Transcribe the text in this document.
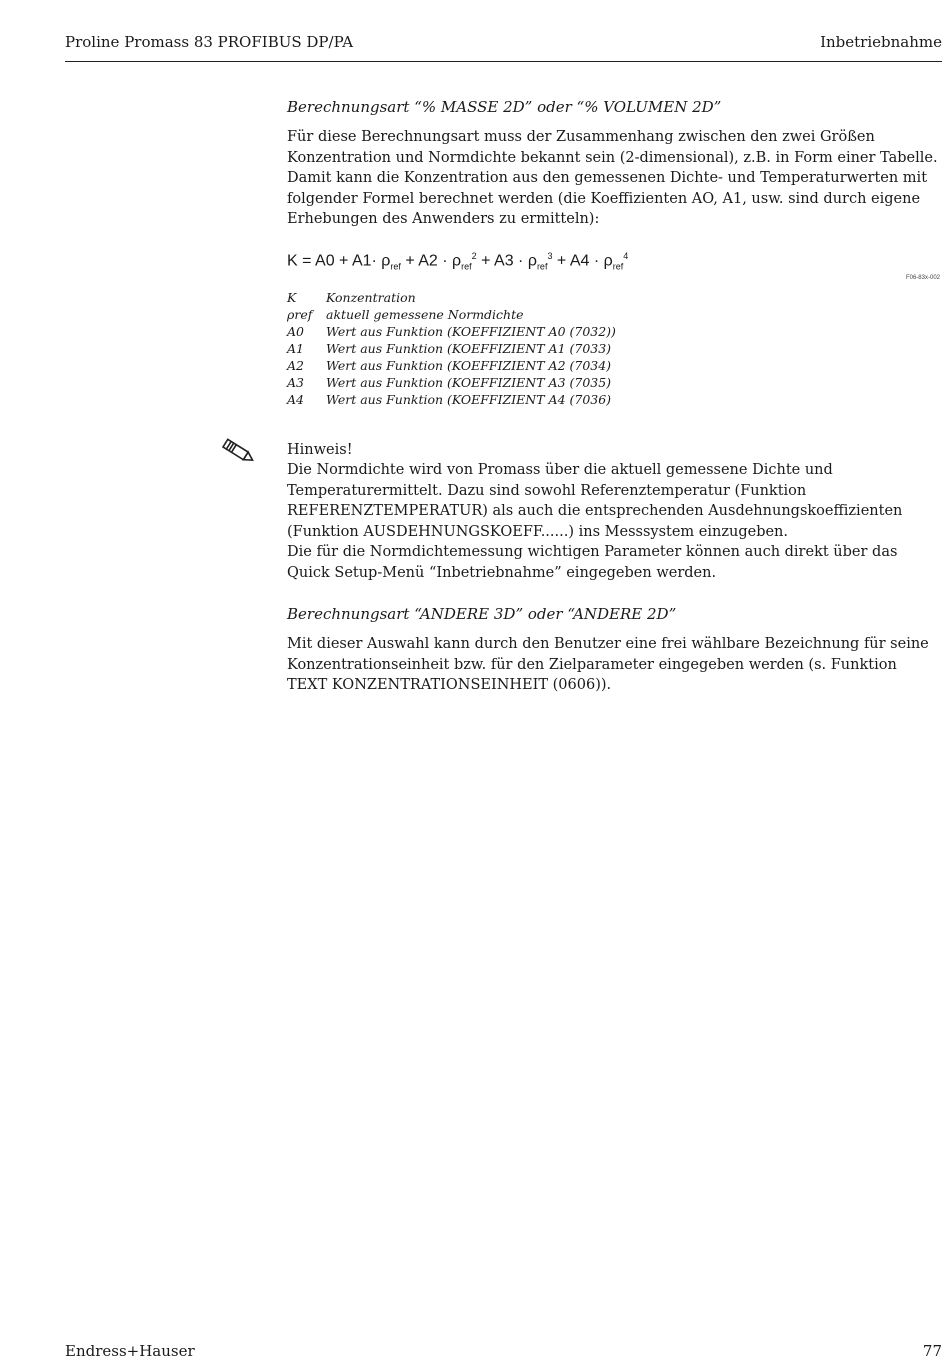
Proline Promass 83 PROFIBUS DP/PA	Inbetriebnahme
Berechnungsart “% MASSE 2D” oder “% VOLUMEN 2D”

Für diese Berechnungsart muss der Zusammenhang zwischen den zwei Größen Konzentration und Normdichte bekannt sein (2-dimensional), z.B. in Form einer Tabelle. Damit kann die Konzentration aus den gemessenen Dichte- und Temperaturwerten mit folgender Formel berechnet werden (die Koeffizienten AO, A1, usw. sind durch eigene Erhebungen des Anwenders zu ermitteln):

$K = A0 + A1\cdot \rho_{ref} + A2 \cdot \rho_{ref}^2 + A3 \cdot \rho_{ref}^3 + A4 \cdot \rho_{ref}^4$
F06-83x-002
K	Konzentration
ρref	aktuell gemessene Normdichte
A0	Wert aus Funktion (KOEFFIZIENT A0 (7032))
A1	Wert aus Funktion (KOEFFIZIENT A1 (7033)
A2	Wert aus Funktion (KOEFFIZIENT A2 (7034)
A3	Wert aus Funktion (KOEFFIZIENT A3 (7035)
A4	Wert aus Funktion (KOEFFIZIENT A4 (7036)

Hinweis!

Die Normdichte wird von Promass über die aktuell gemessene Dichte und Temperaturermittelt. Dazu sind sowohl Referenztemperatur (Funktion REFERENZTEMPERATUR) als auch die entsprechenden Ausdehnungskoeffizienten (Funktion AUSDEHNUNGSKOEFF......) ins Messsystem einzugeben.

Die für die Normdichtemessung wichtigen Parameter können auch direkt über das Quick Setup-Menü “Inbetriebnahme” eingegeben werden.

Berechnungsart “ANDERE 3D” oder “ANDERE 2D”

Mit dieser Auswahl kann durch den Benutzer eine frei wählbare Bezeichnung für seine Konzentrationseinheit bzw. für den Zielparameter eingegeben werden (s. Funktion TEXT KONZENTRATIONSEINHEIT (0606)).

Endress+Hauser	77
